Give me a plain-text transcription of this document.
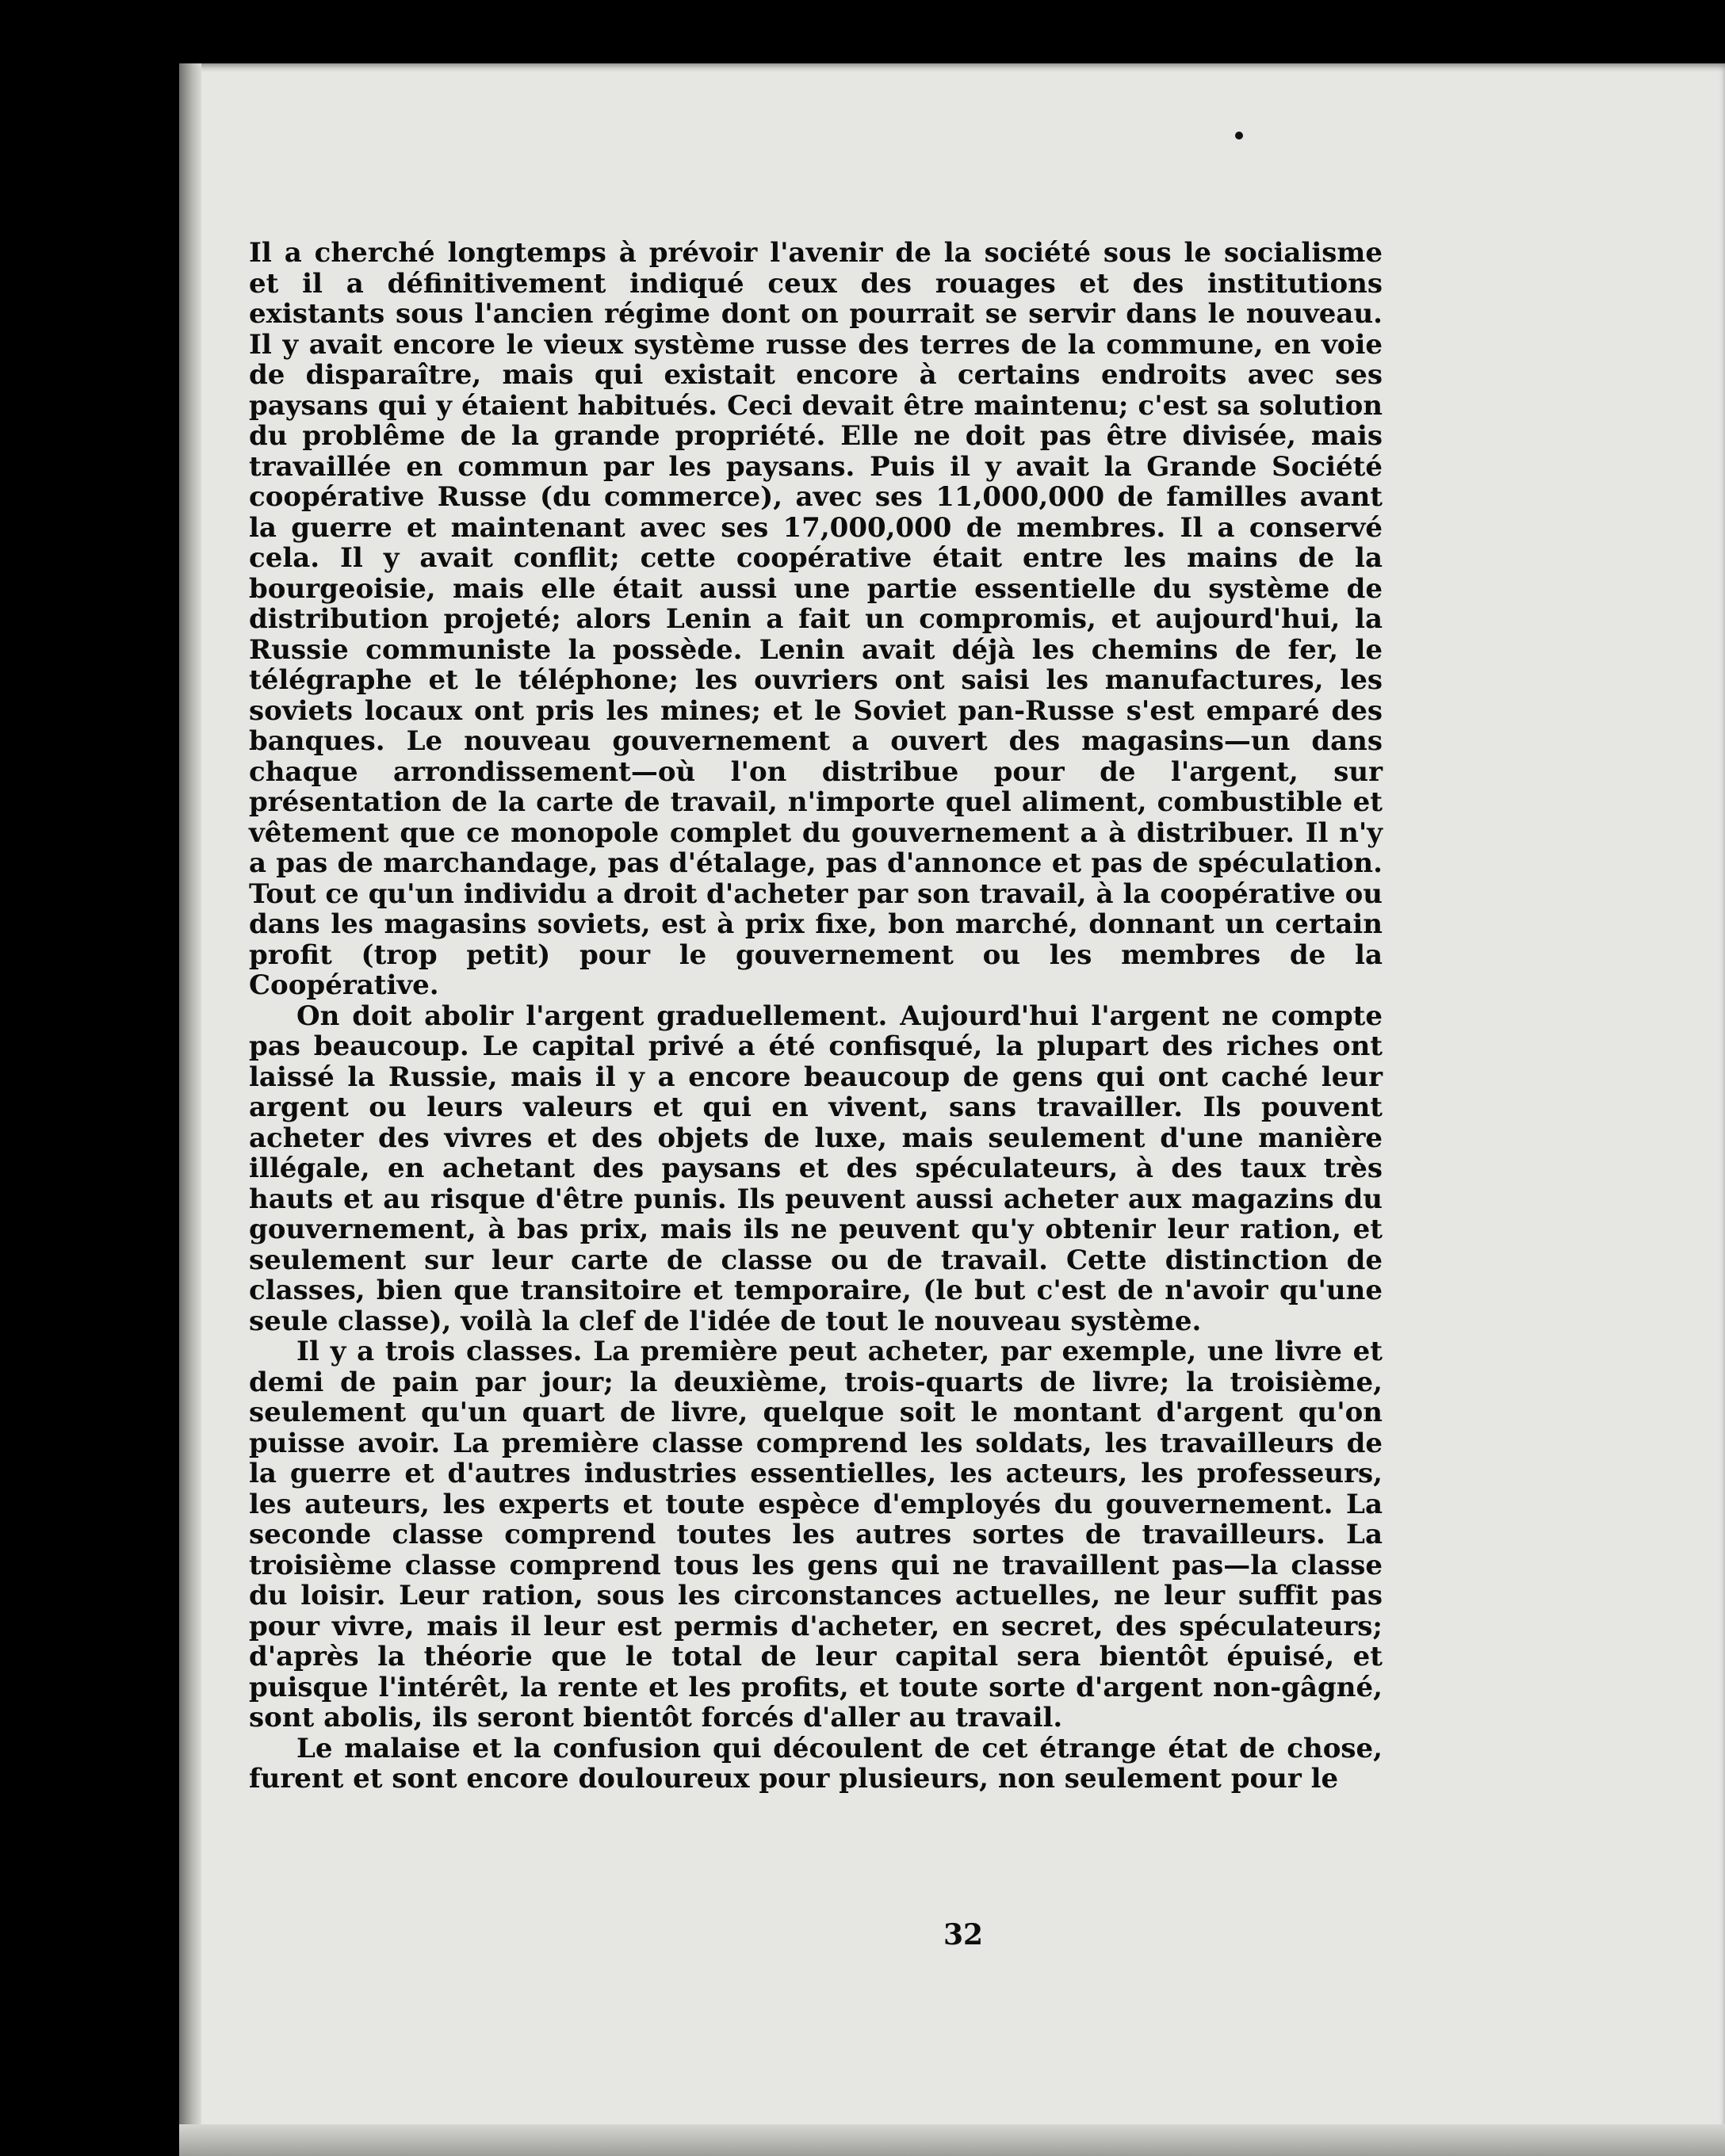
Il a cherché longtemps à prévoir l'avenir de la société sous le socialisme et il a définitivement indiqué ceux des rouages et des institutions existants sous l'ancien régime dont on pourrait se servir dans le nouveau. Il y avait encore le vieux système russe des terres de la commune, en voie de disparaître, mais qui existait encore à certains endroits avec ses paysans qui y étaient habitués. Ceci devait être maintenu; c'est sa solution du problême de la grande propriété. Elle ne doit pas être divisée, mais travaillée en commun par les paysans. Puis il y avait la Grande Société coopérative Russe (du commerce), avec ses 11,000,000 de familles avant la guerre et maintenant avec ses 17,000,000 de membres. Il a conservé cela. Il y avait conflit; cette coopérative était entre les mains de la bourgeoisie, mais elle était aussi une partie essentielle du système de distribution projeté; alors Lenin a fait un compromis, et aujourd'hui, la Russie communiste la possède. Lenin avait déjà les chemins de fer, le télégraphe et le téléphone; les ouvriers ont saisi les manufactures, les soviets locaux ont pris les mines; et le Soviet pan-Russe s'est emparé des banques. Le nouveau gouvernement a ouvert des magasins—un dans chaque arrondissement—où l'on distribue pour de l'argent, sur présentation de la carte de travail, n'importe quel aliment, combustible et vêtement que ce monopole complet du gouvernement a à distribuer. Il n'y a pas de marchandage, pas d'étalage, pas d'annonce et pas de spéculation. Tout ce qu'un individu a droit d'acheter par son travail, à la coopérative ou dans les magasins soviets, est à prix fixe, bon marché, donnant un certain profit (trop petit) pour le gouvernement ou les membres de la Coopérative.

On doit abolir l'argent graduellement. Aujourd'hui l'argent ne compte pas beaucoup. Le capital privé a été confisqué, la plupart des riches ont laissé la Russie, mais il y a encore beaucoup de gens qui ont caché leur argent ou leurs valeurs et qui en vivent, sans travailler. Ils pouvent acheter des vivres et des objets de luxe, mais seulement d'une manière illégale, en achetant des paysans et des spéculateurs, à des taux très hauts et au risque d'être punis. Ils peuvent aussi acheter aux magazins du gouvernement, à bas prix, mais ils ne peuvent qu'y obtenir leur ration, et seulement sur leur carte de classe ou de travail. Cette distinction de classes, bien que transitoire et temporaire, (le but c'est de n'avoir qu'une seule classe), voilà la clef de l'idée de tout le nouveau système.

Il y a trois classes. La première peut acheter, par exemple, une livre et demi de pain par jour; la deuxième, trois-quarts de livre; la troisième, seulement qu'un quart de livre, quelque soit le montant d'argent qu'on puisse avoir. La première classe comprend les soldats, les travailleurs de la guerre et d'autres industries essentielles, les acteurs, les professeurs, les auteurs, les experts et toute espèce d'employés du gouvernement. La seconde classe comprend toutes les autres sortes de travailleurs. La troisième classe comprend tous les gens qui ne travaillent pas—la classe du loisir. Leur ration, sous les circonstances actuelles, ne leur suffit pas pour vivre, mais il leur est permis d'acheter, en secret, des spéculateurs; d'après la théorie que le total de leur capital sera bientôt épuisé, et puisque l'intérêt, la rente et les profits, et toute sorte d'argent non-gâgné, sont abolis, ils seront bientôt forcés d'aller au travail.

Le malaise et la confusion qui découlent de cet étrange état de chose, furent et sont encore douloureux pour plusieurs, non seulement pour le

32
